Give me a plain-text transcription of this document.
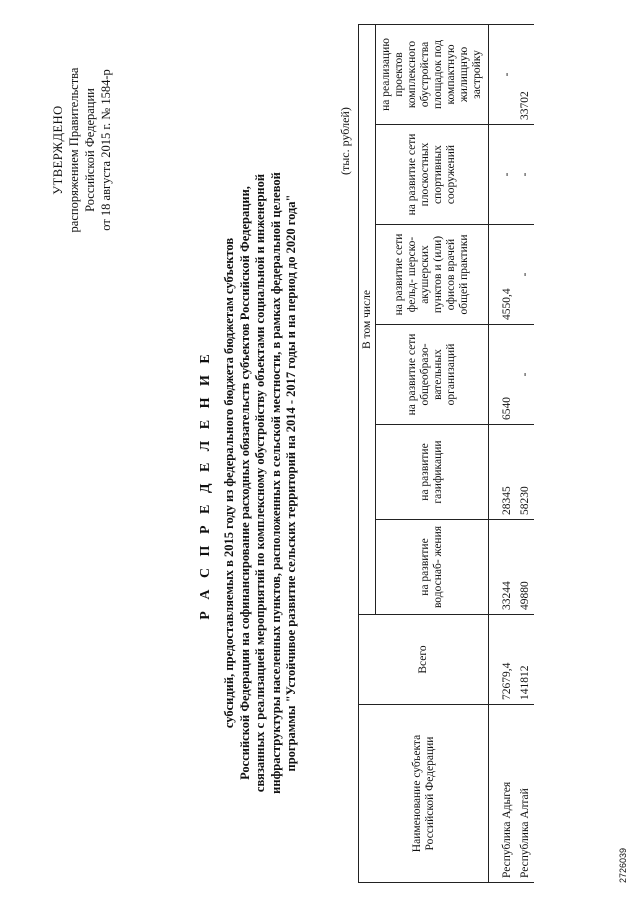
УТВЕРЖДЕНО распоряжением Правительства Российской Федерации от 18 августа 2015 г. № 1584-р
Р А С П Р Е Д Е Л Е Н И Е субсидий, предоставляемых в 2015 году из федерального бюджета бюджетам субъектов Российской Федерации на софинансирование расходных обязательств субъектов Российской Федерации, связанных с реализацией мероприятий по комплексному обустройству объектами социальной и инженерной инфраструктуры населенных пунктов, расположенных в сельской местности, в рамках федеральной целевой программы "Устойчивое развитие сельских территорий на 2014 - 2017 годы и на период до 2020 года"
(тыс. рублей)
Наименование субъекта Российской Федерации	Всего	В том числе					
		на развитие водоснаб- жения	на развитие газификации	на развитие сети общеобразо- вательных организаций	на развитие сети фельд- шерско- акушерских пунктов и (или) офисов врачей общей практики	на развитие сети плоскостных спортивных сооружений	на реализацию проектов комплексного обустройства площадок под компактную жилищную застройку
Республика Адыгея	72679,4	33244	28345	6540	4550,4	-	-
Республика Алтай	141812	49880	58230	-	-	-	33702
2726039
